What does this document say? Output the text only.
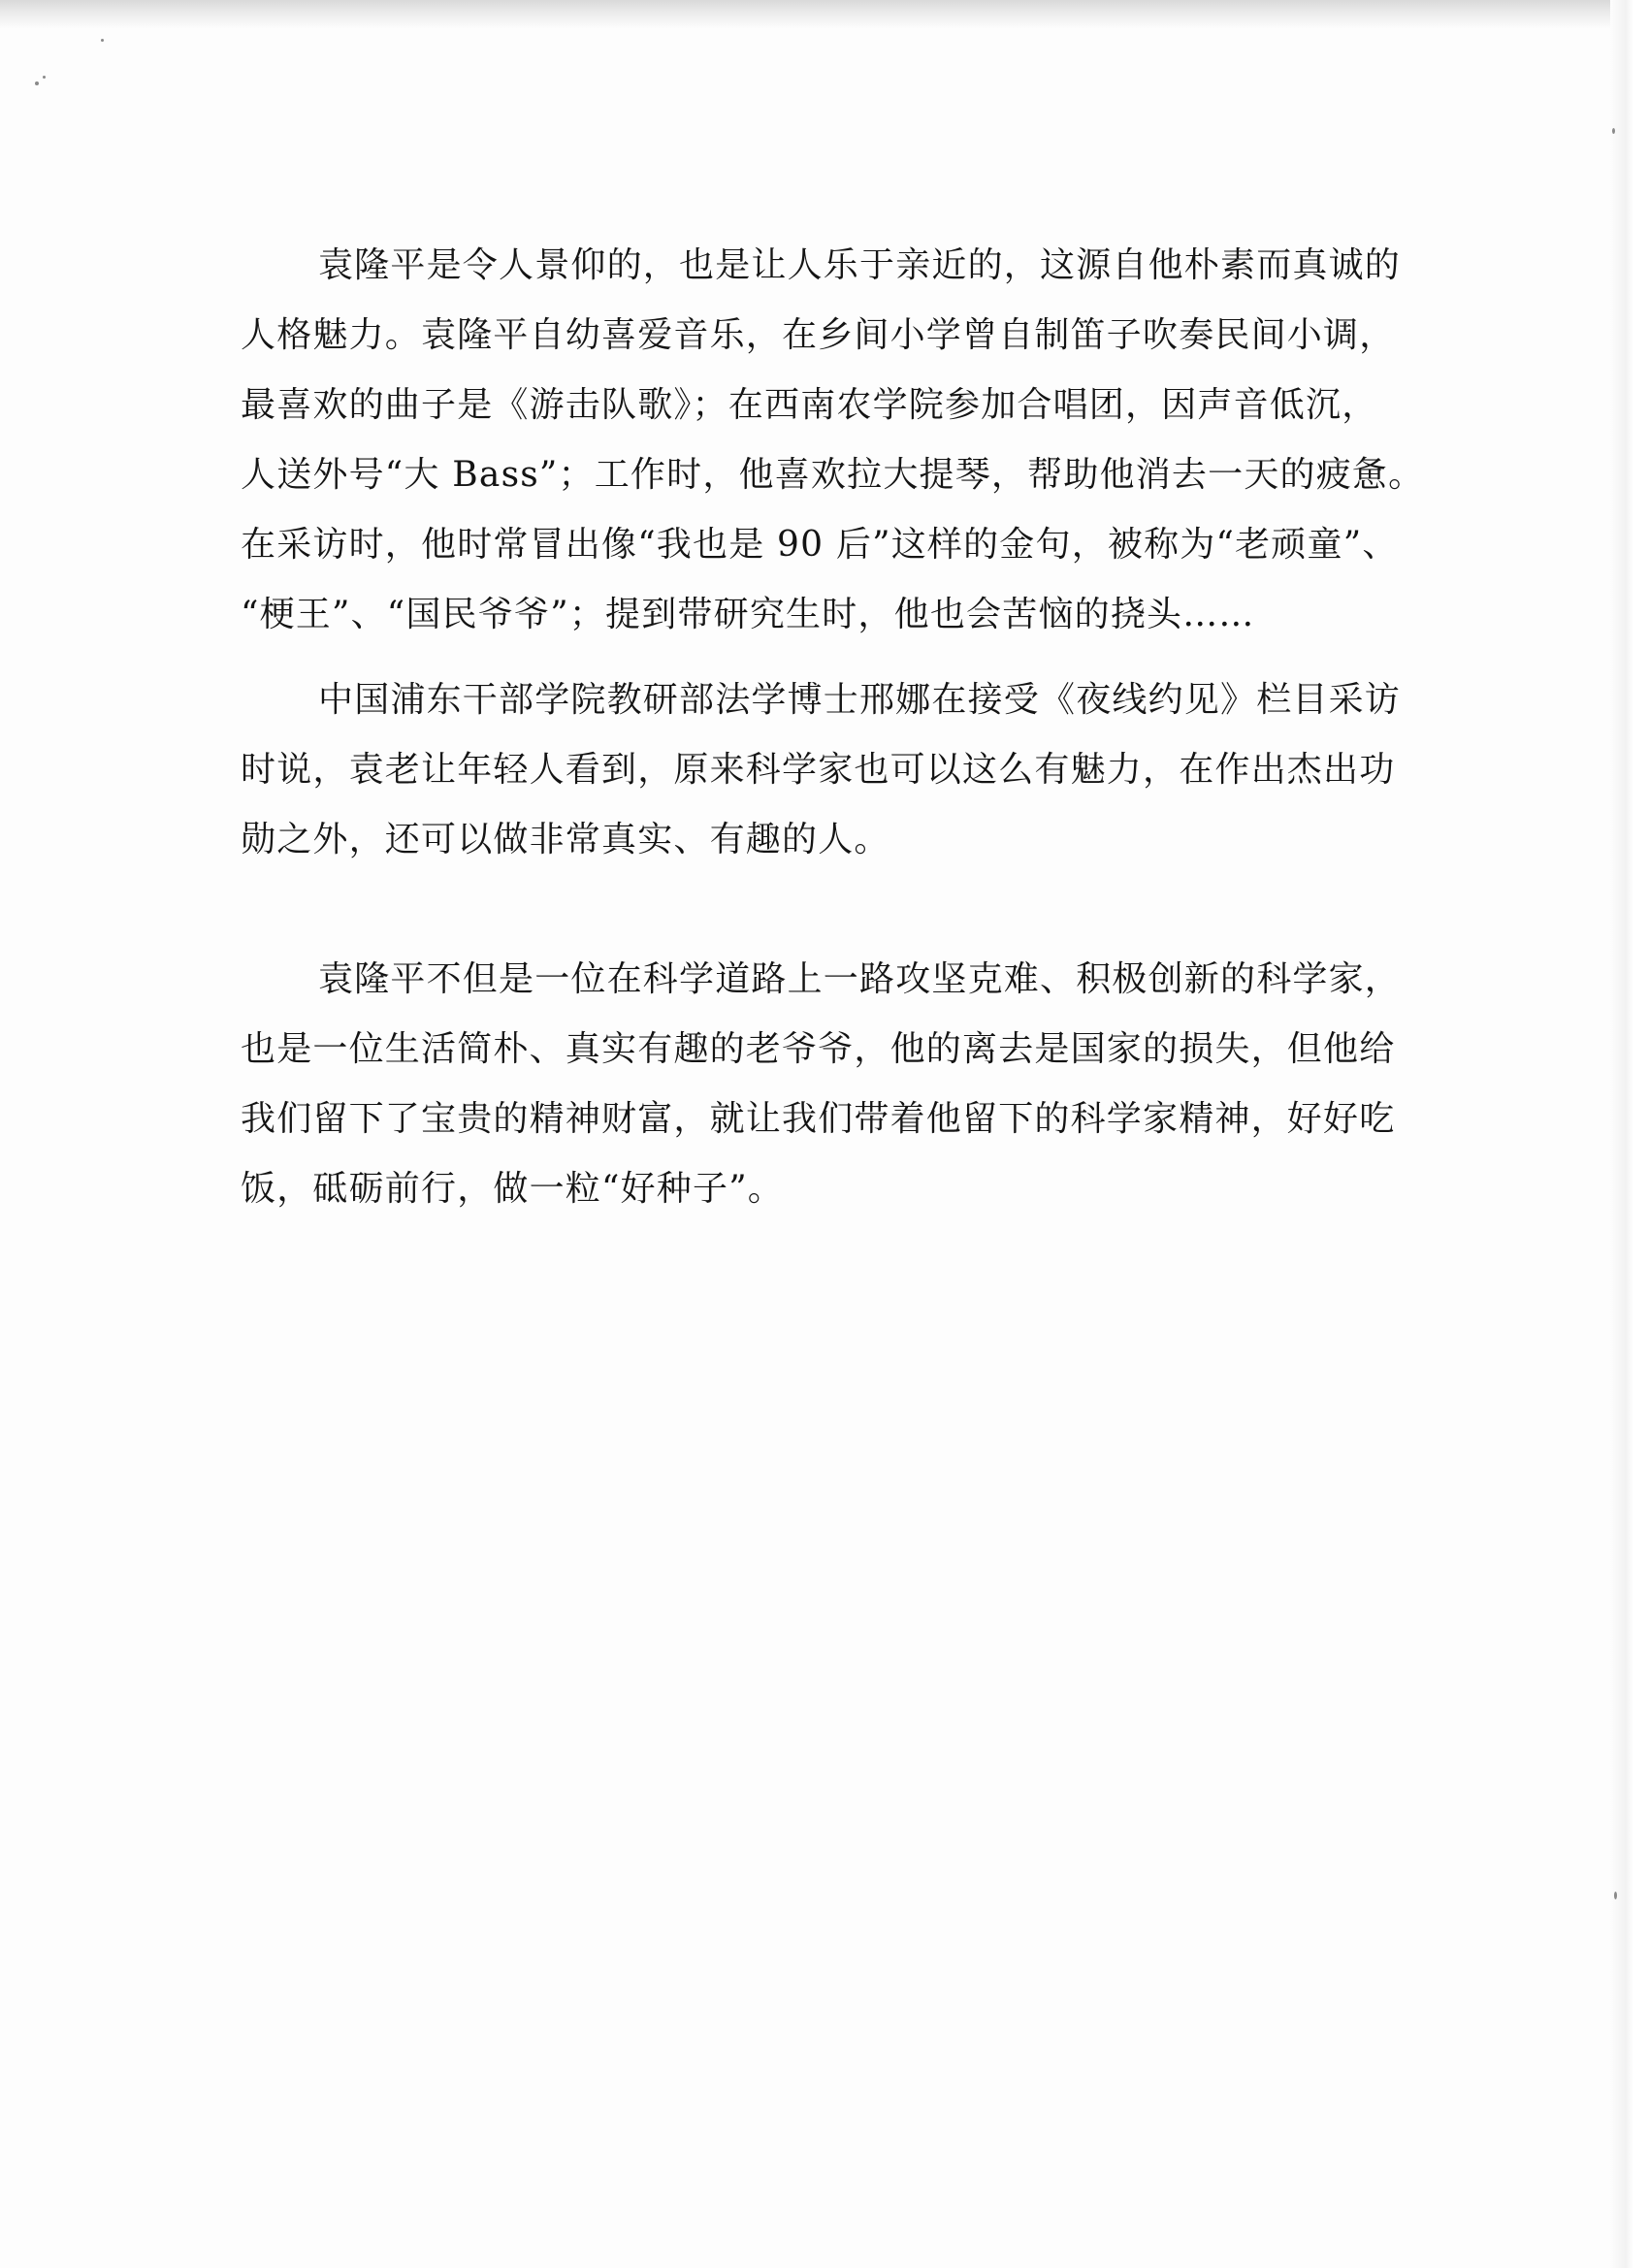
袁隆平是令人景仰的，也是让人乐于亲近的，这源自他朴素而真诚的
人格魅力。袁隆平自幼喜爱音乐，在乡间小学曾自制笛子吹奏民间小调，
最喜欢的曲子是《游击队歌》；在西南农学院参加合唱团，因声音低沉，
人送外号“大 Bass”；工作时，他喜欢拉大提琴，帮助他消去一天的疲惫。
在采访时，他时常冒出像“我也是 90 后”这样的金句，被称为“老顽童”、
“梗王”、“国民爷爷”；提到带研究生时，他也会苦恼的挠头……

中国浦东干部学院教研部法学博士邢娜在接受《夜线约见》栏目采访
时说，袁老让年轻人看到，原来科学家也可以这么有魅力，在作出杰出功
勋之外，还可以做非常真实、有趣的人。

袁隆平不但是一位在科学道路上一路攻坚克难、积极创新的科学家，
也是一位生活简朴、真实有趣的老爷爷，他的离去是国家的损失，但他给
我们留下了宝贵的精神财富，就让我们带着他留下的科学家精神，好好吃
饭，砥砺前行，做一粒“好种子”。
